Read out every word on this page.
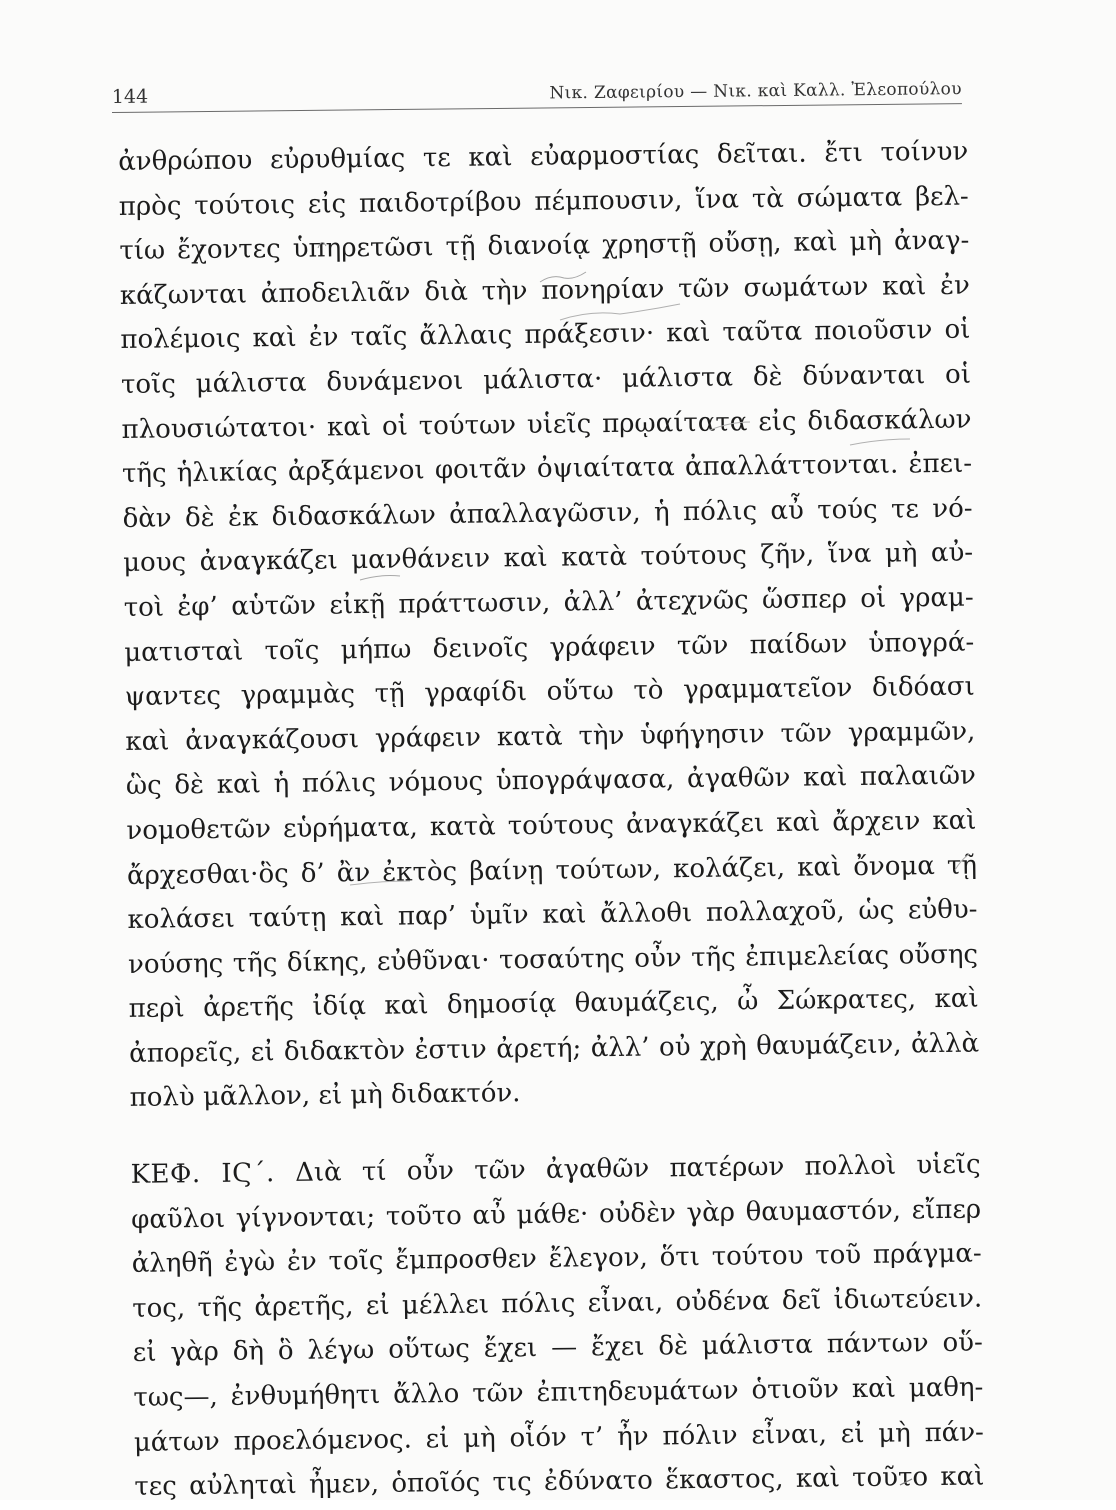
144	Νικ. Ζαφειρίου — Νικ. καὶ Καλλ. Ἐλεοπούλου
ἀνθρώπου εὐρυθμίας τε καὶ εὐαρμοστίας δεῖται. ἔτι τοίνυν
πρὸς τούτοις εἰς παιδοτρίβου πέμπουσιν, ἵνα τὰ σώματα βελ-
τίω ἔχοντες ὑπηρετῶσι τῇ διανοίᾳ χρηστῇ οὔσῃ, καὶ μὴ ἀναγ-
κάζωνται ἀποδειλιᾶν διὰ τὴν πονηρίαν τῶν σωμάτων καὶ ἐν
πολέμοις καὶ ἐν ταῖς ἄλλαις πράξεσιν· καὶ ταῦτα ποιοῦσιν οἱ
τοῖς μάλιστα δυνάμενοι μάλιστα· μάλιστα δὲ δύνανται οἱ
πλουσιώτατοι· καὶ οἱ τούτων υἱεῖς πρῳαίτατα εἰς διδασκάλων
τῆς ἡλικίας ἀρξάμενοι φοιτᾶν ὀψιαίτατα ἀπαλλάττονται. ἐπει-
δὰν δὲ ἐκ διδασκάλων ἀπαλλαγῶσιν, ἡ πόλις αὖ τούς τε νό-
μους ἀναγκάζει μανθάνειν καὶ κατὰ τούτους ζῆν, ἵνα μὴ αὐ-
τοὶ ἐφ’ αὑτῶν εἰκῇ πράττωσιν, ἀλλ’ ἀτεχνῶς ὥσπερ οἱ γραμ-
ματισταὶ τοῖς μήπω δεινοῖς γράφειν τῶν παίδων ὑπογρά-
ψαντες γραμμὰς τῇ γραφίδι οὕτω τὸ γραμματεῖον διδόασι
καὶ ἀναγκάζουσι γράφειν κατὰ τὴν ὑφήγησιν τῶν γραμμῶν,
ὣς δὲ καὶ ἡ πόλις νόμους ὑπογράψασα, ἀγαθῶν καὶ παλαιῶν
νομοθετῶν εὑρήματα, κατὰ τούτους ἀναγκάζει καὶ ἄρχειν καὶ
ἄρχεσθαι·ὃς δ’ ἂν ἐκτὸς βαίνῃ τούτων, κολάζει, καὶ ὄνομα τῇ
κολάσει ταύτῃ καὶ παρ’ ὑμῖν καὶ ἄλλοθι πολλαχοῦ, ὡς εὐθυ-
νούσης τῆς δίκης, εὐθῦναι· τοσαύτης οὖν τῆς ἐπιμελείας οὔσης
περὶ ἀρετῆς ἰδίᾳ καὶ δημοσίᾳ θαυμάζεις, ὦ Σώκρατες, καὶ
ἀπορεῖς, εἰ διδακτὸν ἐστιν ἀρετή; ἀλλ’ οὐ χρὴ θαυμάζειν, ἀλλὰ
πολὺ μᾶλλον, εἰ μὴ διδακτόν.
ΚΕΦ. ΙϚ΄. Διὰ τί οὖν τῶν ἀγαθῶν πατέρων πολλοὶ υἱεῖς
φαῦλοι γίγνονται; τοῦτο αὖ μάθε· οὐδὲν γὰρ θαυμαστόν, εἴπερ
ἀληθῆ ἐγὼ ἐν τοῖς ἔμπροσθεν ἔλεγον, ὅτι τούτου τοῦ πράγμα-
τος, τῆς ἀρετῆς, εἰ μέλλει πόλις εἶναι, οὐδένα δεῖ ἰδιωτεύειν.
εἰ γὰρ δὴ ὃ λέγω οὕτως ἔχει — ἔχει δὲ μάλιστα πάντων οὕ-
τως—, ἐνθυμήθητι ἄλλο τῶν ἐπιτηδευμάτων ὁτιοῦν καὶ μαθη-
μάτων προελόμενος. εἰ μὴ οἷόν τ’ ἦν πόλιν εἶναι, εἰ μὴ πάν-
τες αὐληταὶ ἦμεν, ὁποῖός τις ἐδύνατο ἕκαστος, καὶ τοῦτο καὶ
